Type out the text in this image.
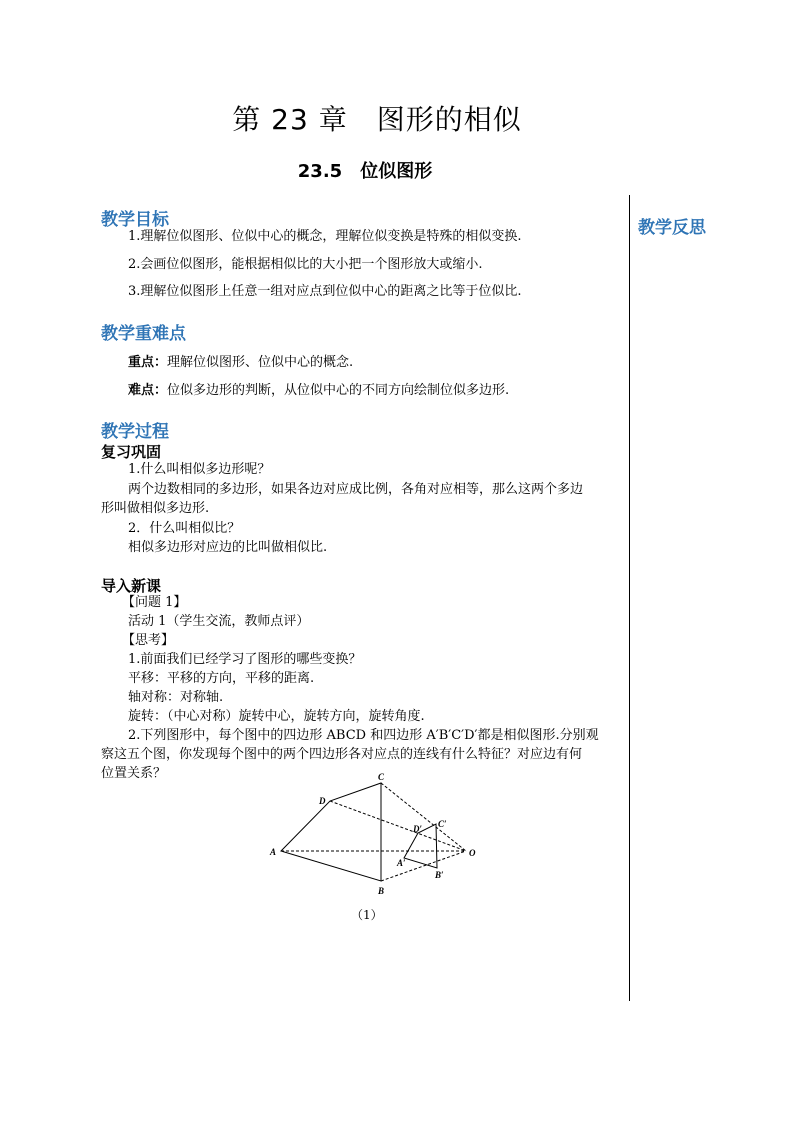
第 23 章　图形的相似
23.5　位似图形
教学反思
教学目标
1.理解位似图形、位似中心的概念，理解位似变换是特殊的相似变换.
2.会画位似图形，能根据相似比的大小把一个图形放大或缩小.
3.理解位似图形上任意一组对应点到位似中心的距离之比等于位似比.
教学重难点
重点：理解位似图形、位似中心的概念.
难点：位似多边形的判断，从位似中心的不同方向绘制位似多边形.
教学过程
复习巩固
1.什么叫相似多边形呢？
两个边数相同的多边形，如果各边对应成比例，各角对应相等，那么这两个多边
形叫做相似多边形.
2．什么叫相似比？
相似多边形对应边的比叫做相似比.
导入新课
【问题 1】
活动 1（学生交流，教师点评）
【思考】
1.前面我们已经学习了图形的哪些变换？
平移：平移的方向，平移的距离.
轴对称：对称轴.
旋转：（中心对称）旋转中心，旋转方向，旋转角度.
2.下列图形中，每个图中的四边形 ABCD 和四边形 A′B′C′D′都是相似图形.分别观
察这五个图，你发现每个图中的两个四边形各对应点的连线有什么特征？对应边有何
位置关系？
A
B
C
D
A′
B′
C′
D′
O
（1）
